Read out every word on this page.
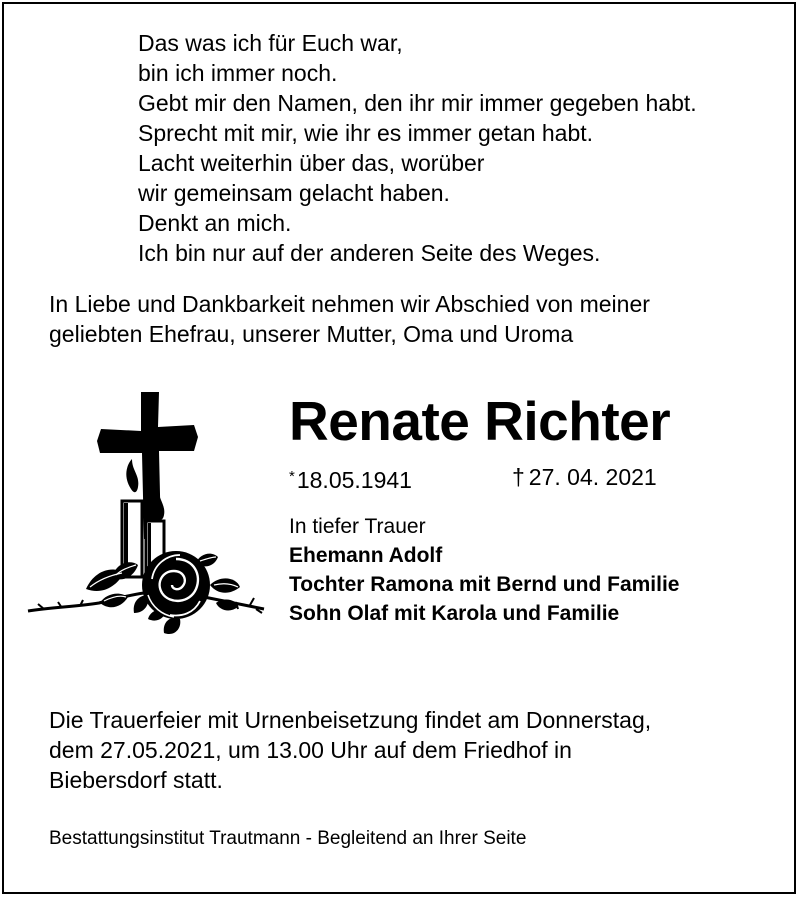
Das was ich für Euch war,
bin ich immer noch.
Gebt mir den Namen, den ihr mir immer gegeben habt.
Sprecht mit mir, wie ihr es immer getan habt.
Lacht weiterhin über das, worüber
wir gemeinsam gelacht haben.
Denkt an mich.
Ich bin nur auf der anderen Seite des Weges.
In Liebe und Dankbarkeit nehmen wir Abschied von meiner
geliebten Ehefrau, unserer Mutter, Oma und Uroma
Renate Richter
*18.05.1941	† 27. 04. 2021
In tiefer Trauer
Ehemann Adolf
Tochter Ramona mit Bernd und Familie
Sohn Olaf mit Karola und Familie
Die Trauerfeier mit Urnenbeisetzung findet am Donnerstag,
dem 27.05.2021, um 13.00 Uhr auf dem Friedhof in
Biebersdorf statt.
Bestattungsinstitut Trautmann - Begleitend an Ihrer Seite
